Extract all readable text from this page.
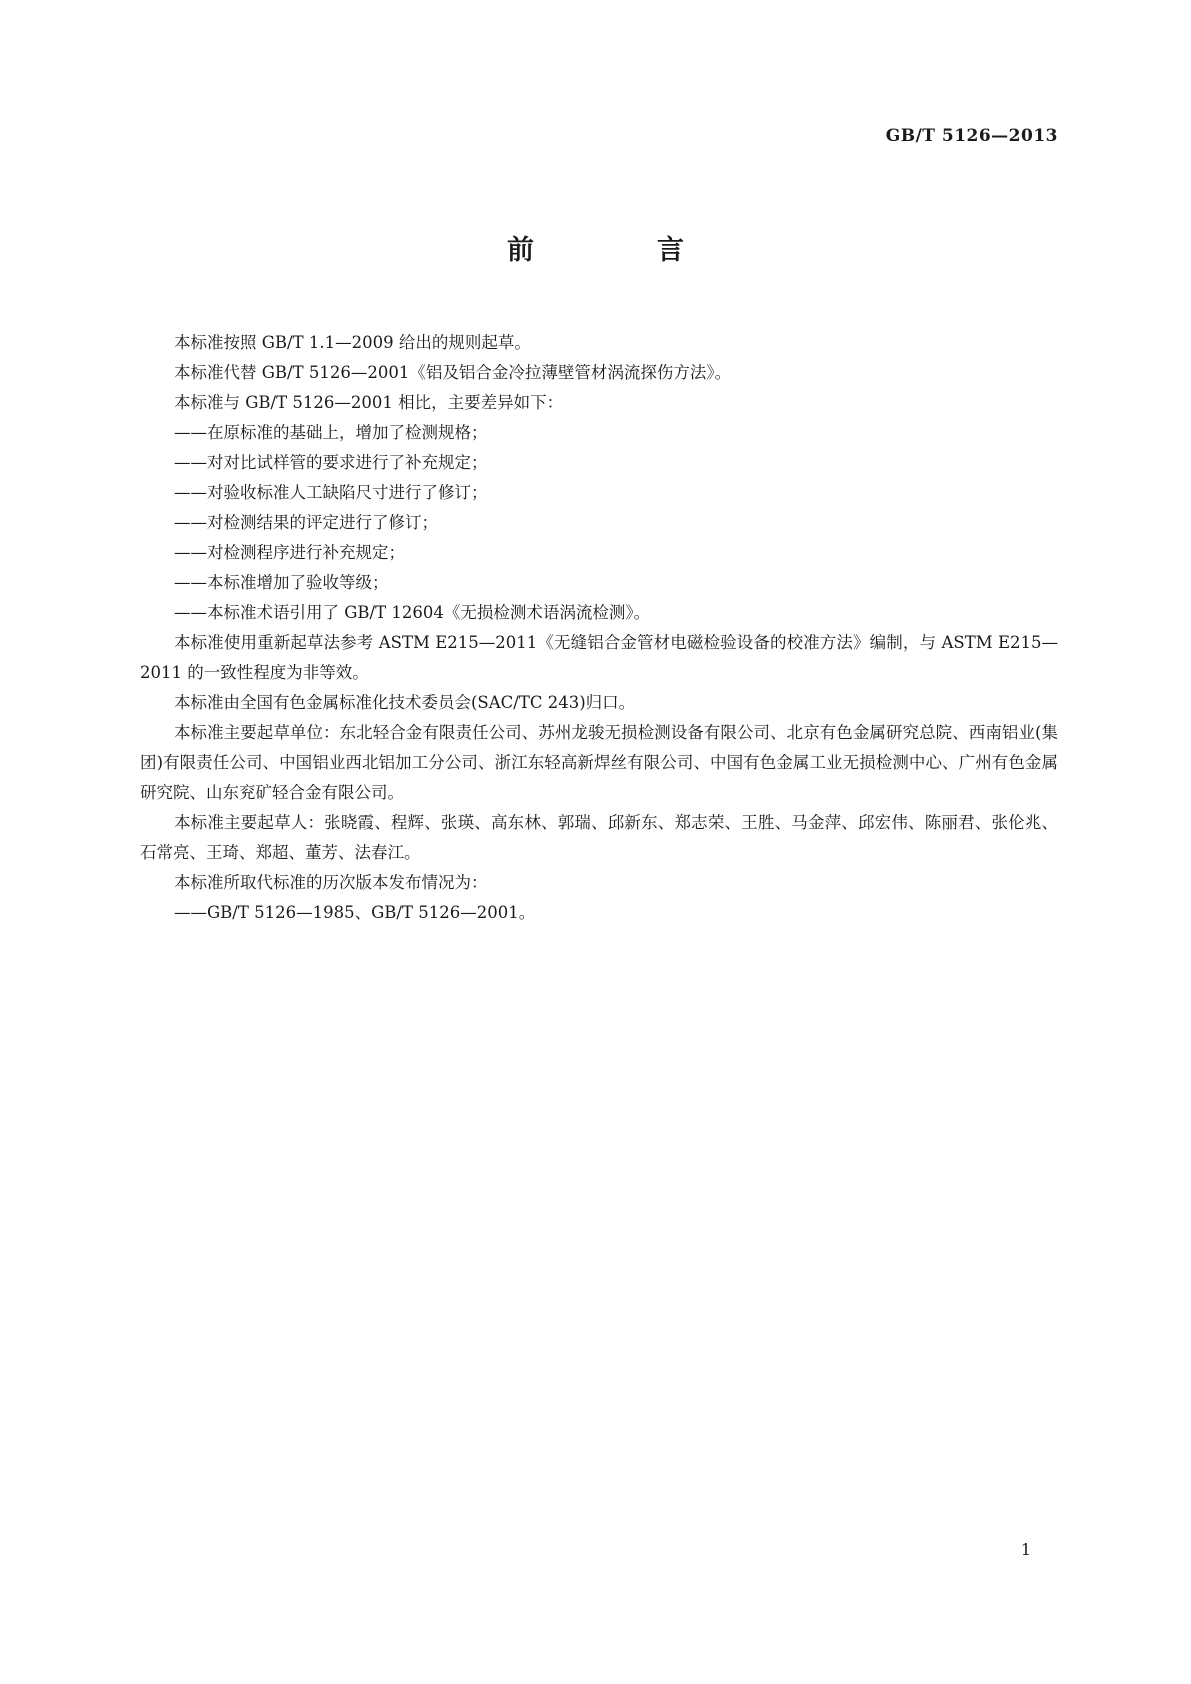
GB/T 5126—2013
前　言

本标准按照 GB/T 1.1—2009 给出的规则起草。

本标准代替 GB/T 5126—2001《铝及铝合金冷拉薄壁管材涡流探伤方法》。

本标准与 GB/T 5126—2001 相比，主要差异如下：

——在原标准的基础上，增加了检测规格；

——对对比试样管的要求进行了补充规定；

——对验收标准人工缺陷尺寸进行了修订；

——对检测结果的评定进行了修订；

——对检测程序进行补充规定；

——本标准增加了验收等级；

——本标准术语引用了 GB/T 12604《无损检测术语涡流检测》。

本标准使用重新起草法参考 ASTM E215—2011《无缝铝合金管材电磁检验设备的校准方法》编制，与 ASTM E215—2011 的一致性程度为非等效。

本标准由全国有色金属标准化技术委员会(SAC/TC 243)归口。

本标准主要起草单位：东北轻合金有限责任公司、苏州龙骏无损检测设备有限公司、北京有色金属研究总院、西南铝业(集团)有限责任公司、中国铝业西北铝加工分公司、浙江东轻高新焊丝有限公司、中国有色金属工业无损检测中心、广州有色金属研究院、山东兖矿轻合金有限公司。

本标准主要起草人：张晓霞、程辉、张瑛、高东林、郭瑞、邱新东、郑志荣、王胜、马金萍、邱宏伟、陈丽君、张伦兆、石常亮、王琦、郑超、董芳、法春江。

本标准所取代标准的历次版本发布情况为：

——GB/T 5126—1985、GB/T 5126—2001。

1
